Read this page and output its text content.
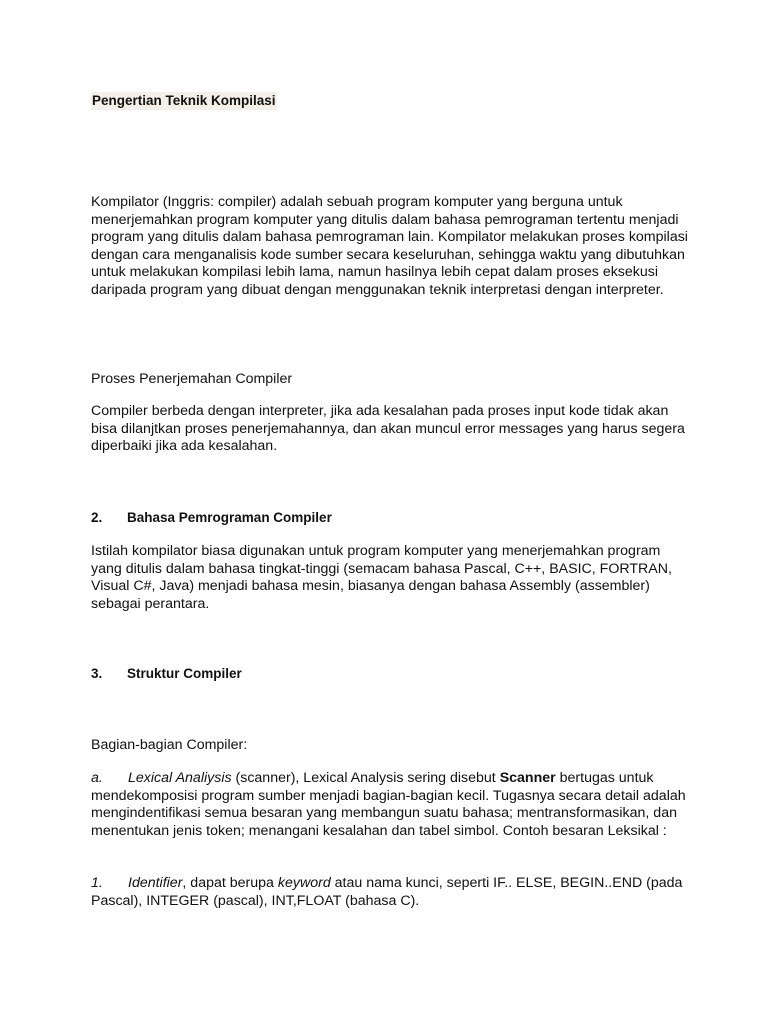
Pengertian Teknik Kompilasi

Kompilator (Inggris: compiler) adalah sebuah program komputer yang berguna untuk menerjemahkan program komputer yang ditulis dalam bahasa pemrograman tertentu menjadi program yang ditulis dalam bahasa pemrograman lain. Kompilator melakukan proses kompilasi dengan cara menganalisis kode sumber secara keseluruhan, sehingga waktu yang dibutuhkan untuk melakukan kompilasi lebih lama, namun hasilnya lebih cepat dalam proses eksekusi daripada program yang dibuat dengan menggunakan teknik interpretasi dengan interpreter.

Proses Penerjemahan Compiler

Compiler berbeda dengan interpreter, jika ada kesalahan pada proses input kode tidak akan bisa dilanjtkan proses penerjemahannya, dan akan muncul error messages yang harus segera diperbaiki jika ada kesalahan.

2. Bahasa Pemrograman Compiler

Istilah kompilator biasa digunakan untuk program komputer yang menerjemahkan program yang ditulis dalam bahasa tingkat-tinggi (semacam bahasa Pascal, C++, BASIC, FORTRAN, Visual C#, Java) menjadi bahasa mesin, biasanya dengan bahasa Assembly (assembler) sebagai perantara.

3. Struktur Compiler

Bagian-bagian Compiler:

a. Lexical Analiysis (scanner), Lexical Analysis sering disebut Scanner bertugas untuk mendekomposisi program sumber menjadi bagian-bagian kecil. Tugasnya secara detail adalah mengindentifikasi semua besaran yang membangun suatu bahasa; mentransformasikan, dan menentukan jenis token; menangani kesalahan dan tabel simbol. Contoh besaran Leksikal :

1. Identifier, dapat berupa keyword atau nama kunci, seperti IF.. ELSE, BEGIN..END (pada Pascal), INTEGER (pascal), INT,FLOAT (bahasa C).
